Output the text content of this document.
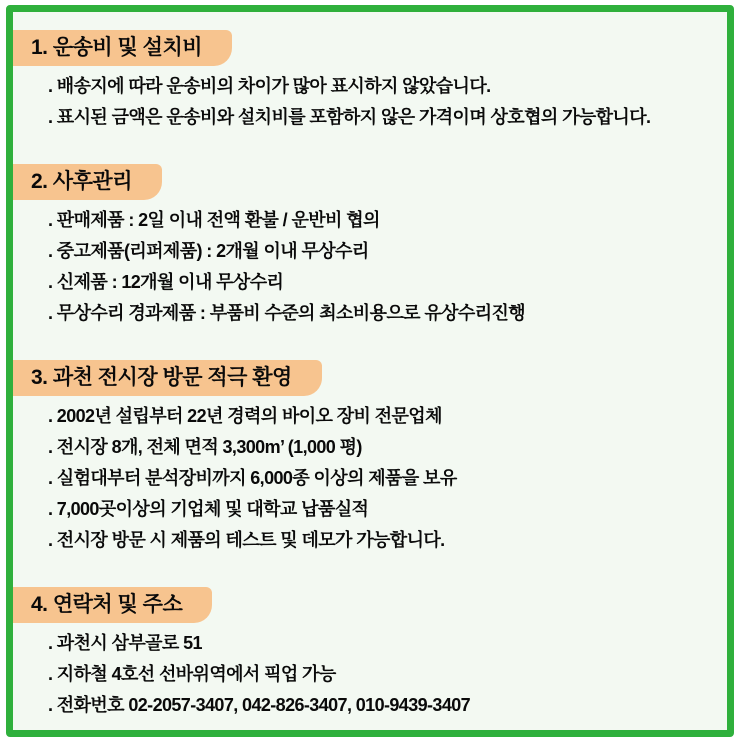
1. 운송비 및 설치비
. 배송지에 따라 운송비의 차이가 많아 표시하지 않았습니다.
. 표시된 금액은 운송비와 설치비를 포함하지 않은 가격이며 상호협의 가능합니다.
2. 사후관리
. 판매제품 : 2일 이내 전액 환불 / 운반비 협의
. 중고제품(리퍼제품) : 2개월 이내 무상수리
. 신제품 : 12개월 이내 무상수리
. 무상수리 경과제품 : 부품비 수준의 최소비용으로 유상수리진행
3. 과천 전시장 방문 적극 환영
. 2002년 설립부터 22년 경력의 바이오 장비 전문업체
. 전시장 8개, 전체 면적 3,300m’ (1,000 평)
. 실험대부터 분석장비까지 6,000종 이상의 제품을 보유
. 7,000곳이상의 기업체 및 대학교 납품실적
. 전시장 방문 시 제품의 테스트 및 데모가 가능합니다.
4. 연락처 및 주소
. 과천시 삼부골로 51
. 지하철 4호선 선바위역에서 픽업 가능
. 전화번호 02-2057-3407, 042-826-3407, 010-9439-3407
